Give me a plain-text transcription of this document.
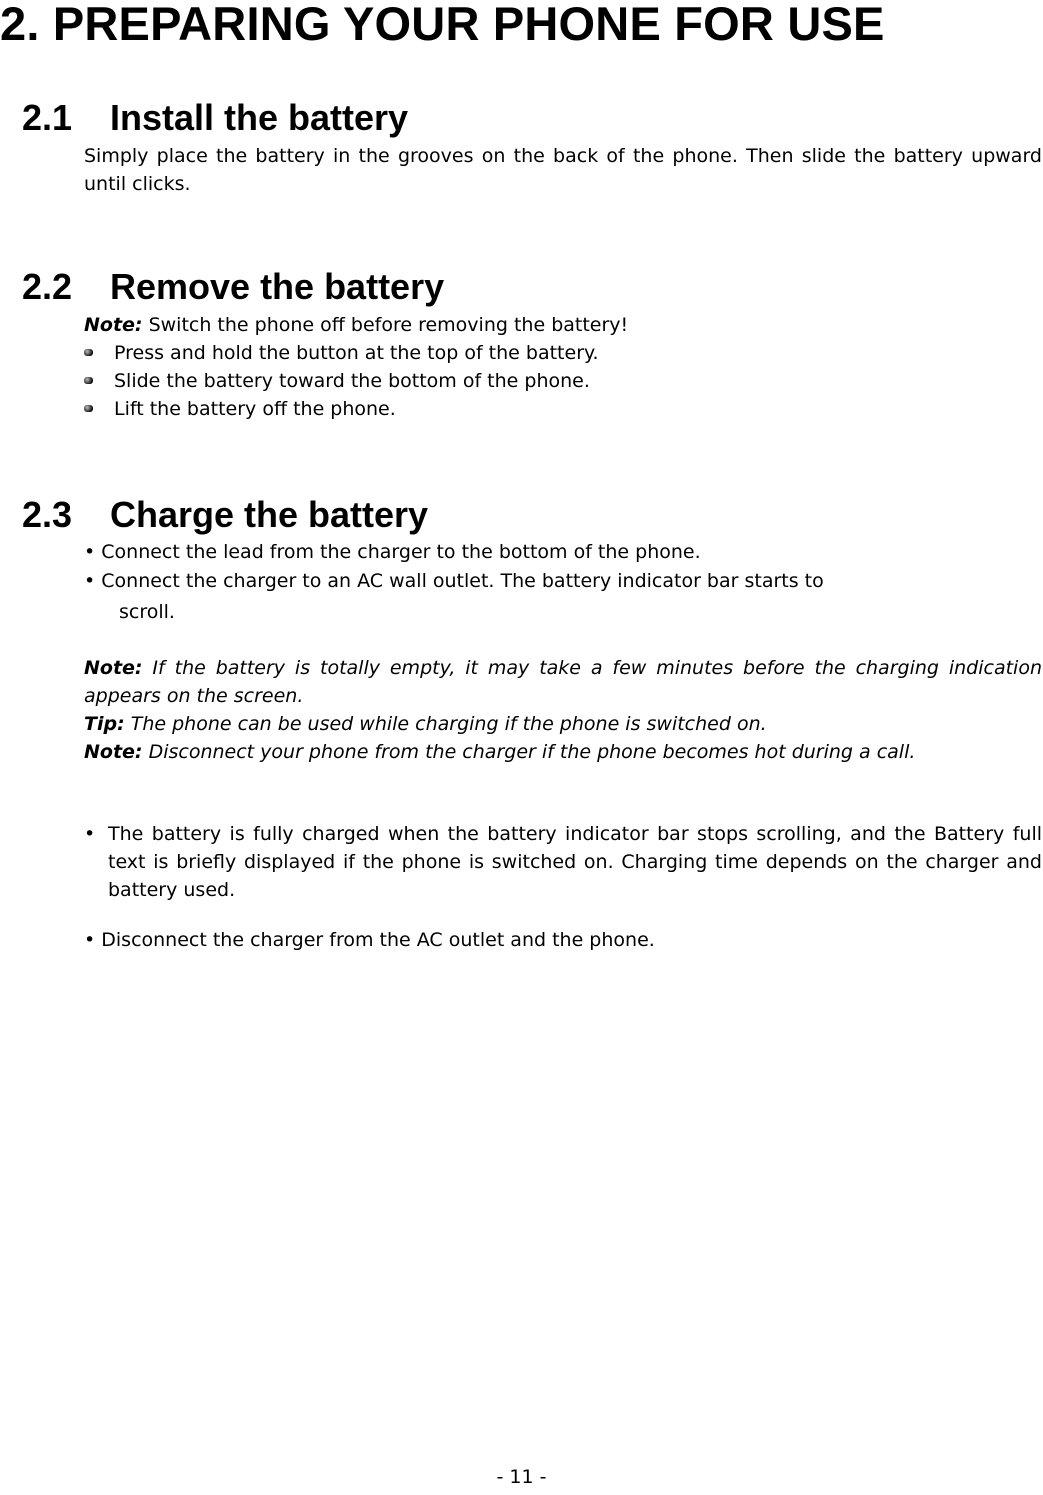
2. PREPARING YOUR PHONE FOR USE
2.1 Install the battery

Simply place the battery in the grooves on the back of the phone. Then slide the battery upward until clicks.

2.2 Remove the battery
Note: Switch the phone off before removing the battery!
Press and hold the button at the top of the battery.
Slide the battery toward the bottom of the phone.
Lift the battery off the phone.
2.3 Charge the battery
• Connect the lead from the charger to the bottom of the phone.
• Connect the charger to an AC wall outlet. The battery indicator bar starts to
scroll.
Note: If the battery is totally empty, it may take a few minutes before the charging indication appears on the screen.
Tip: The phone can be used while charging if the phone is switched on.
Note: Disconnect your phone from the charger if the phone becomes hot during a call.
• The battery is fully charged when the battery indicator bar stops scrolling, and the Battery full text is briefly displayed if the phone is switched on. Charging time depends on the charger and battery used.
• Disconnect the charger from the AC outlet and the phone.
- 11 -
